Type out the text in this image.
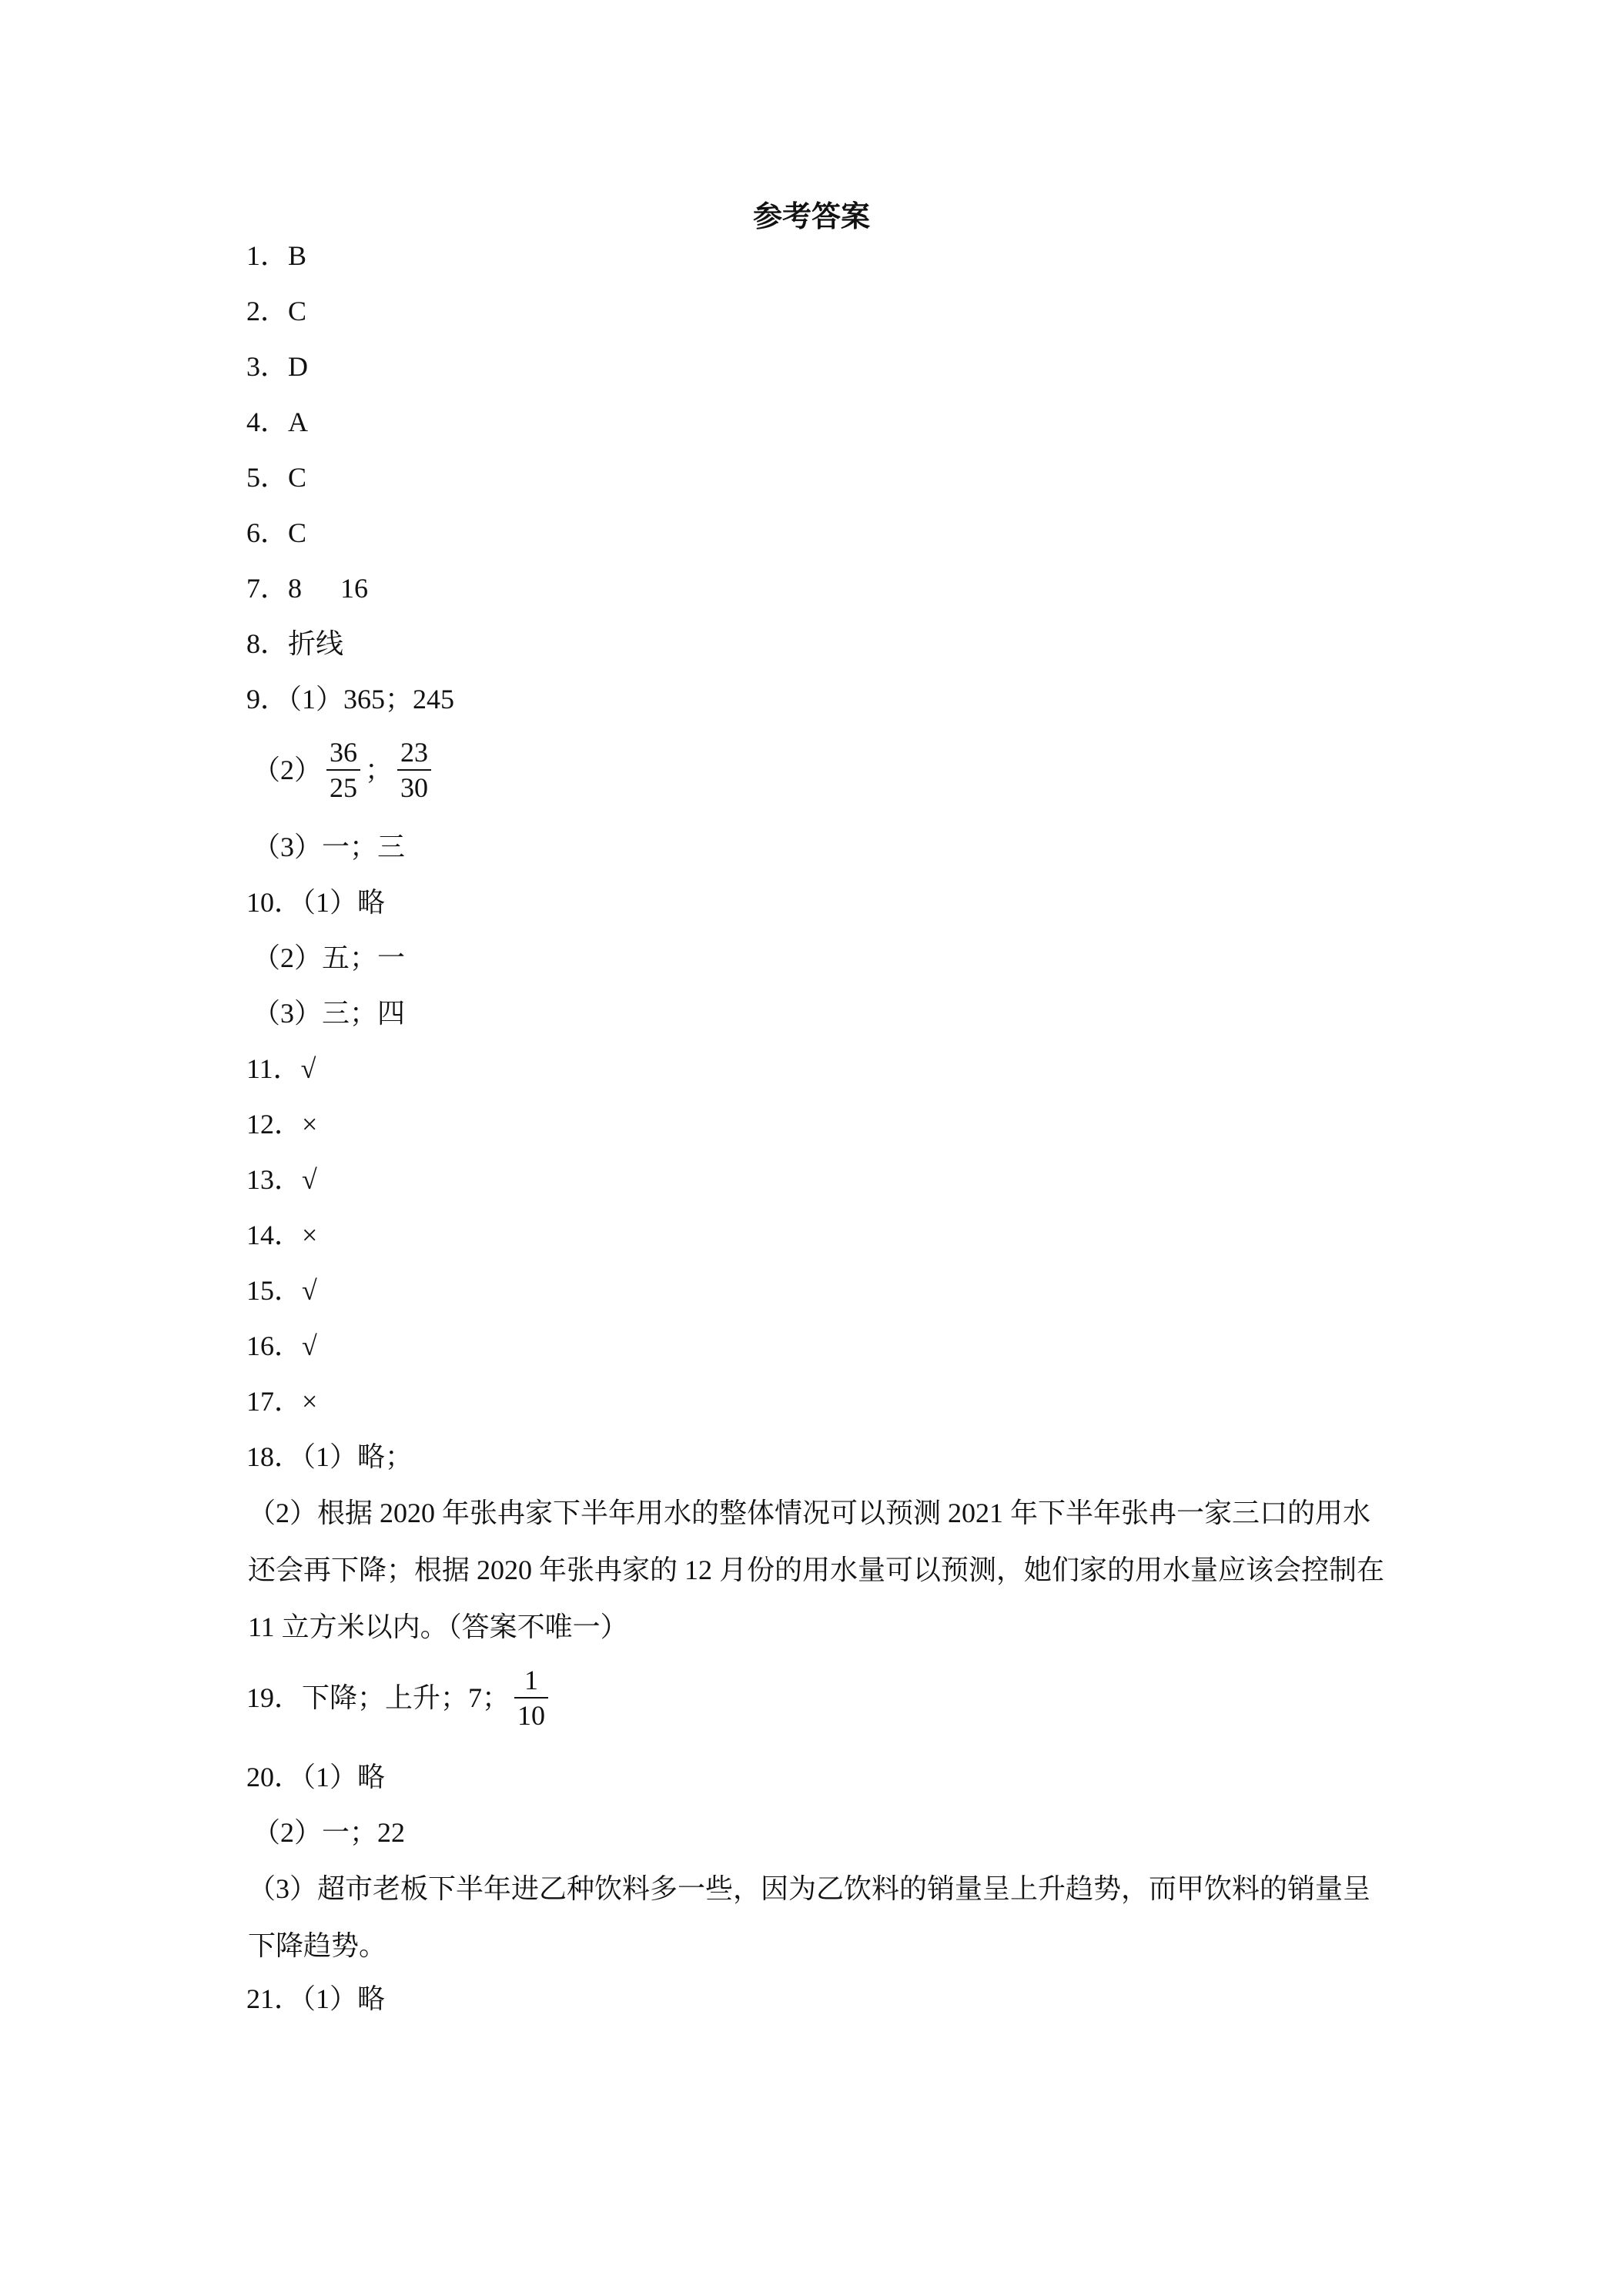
参考答案
1．B
2．C
3．D
4．A
5．C
6．C
7．8 16
8．折线
9．（1）365；245
$(2) \frac{36}{25}$ ； $\frac{23}{30}$
（3）一；三
10．（1）略
（2）五；一
（3）三；四
11．√
12．×
13．√
14．×
15．√
16．√
17．×
18．（1）略；
（2）根据 2020 年张冉家下半年用水的整体情况可以预测 2021 年下半年张冉一家三口的用水还会再下降；根据 2020 年张冉家的 12 月份的用水量可以预测，她们家的用水量应该会控制在 11 立方米以内。（答案不唯一）
19．下降；上升；7； $\frac{1}{10}$
20．（1）略
（2）一；22
（3）超市老板下半年进乙种饮料多一些，因为乙饮料的销量呈上升趋势，而甲饮料的销量呈下降趋势。
21．（1）略
